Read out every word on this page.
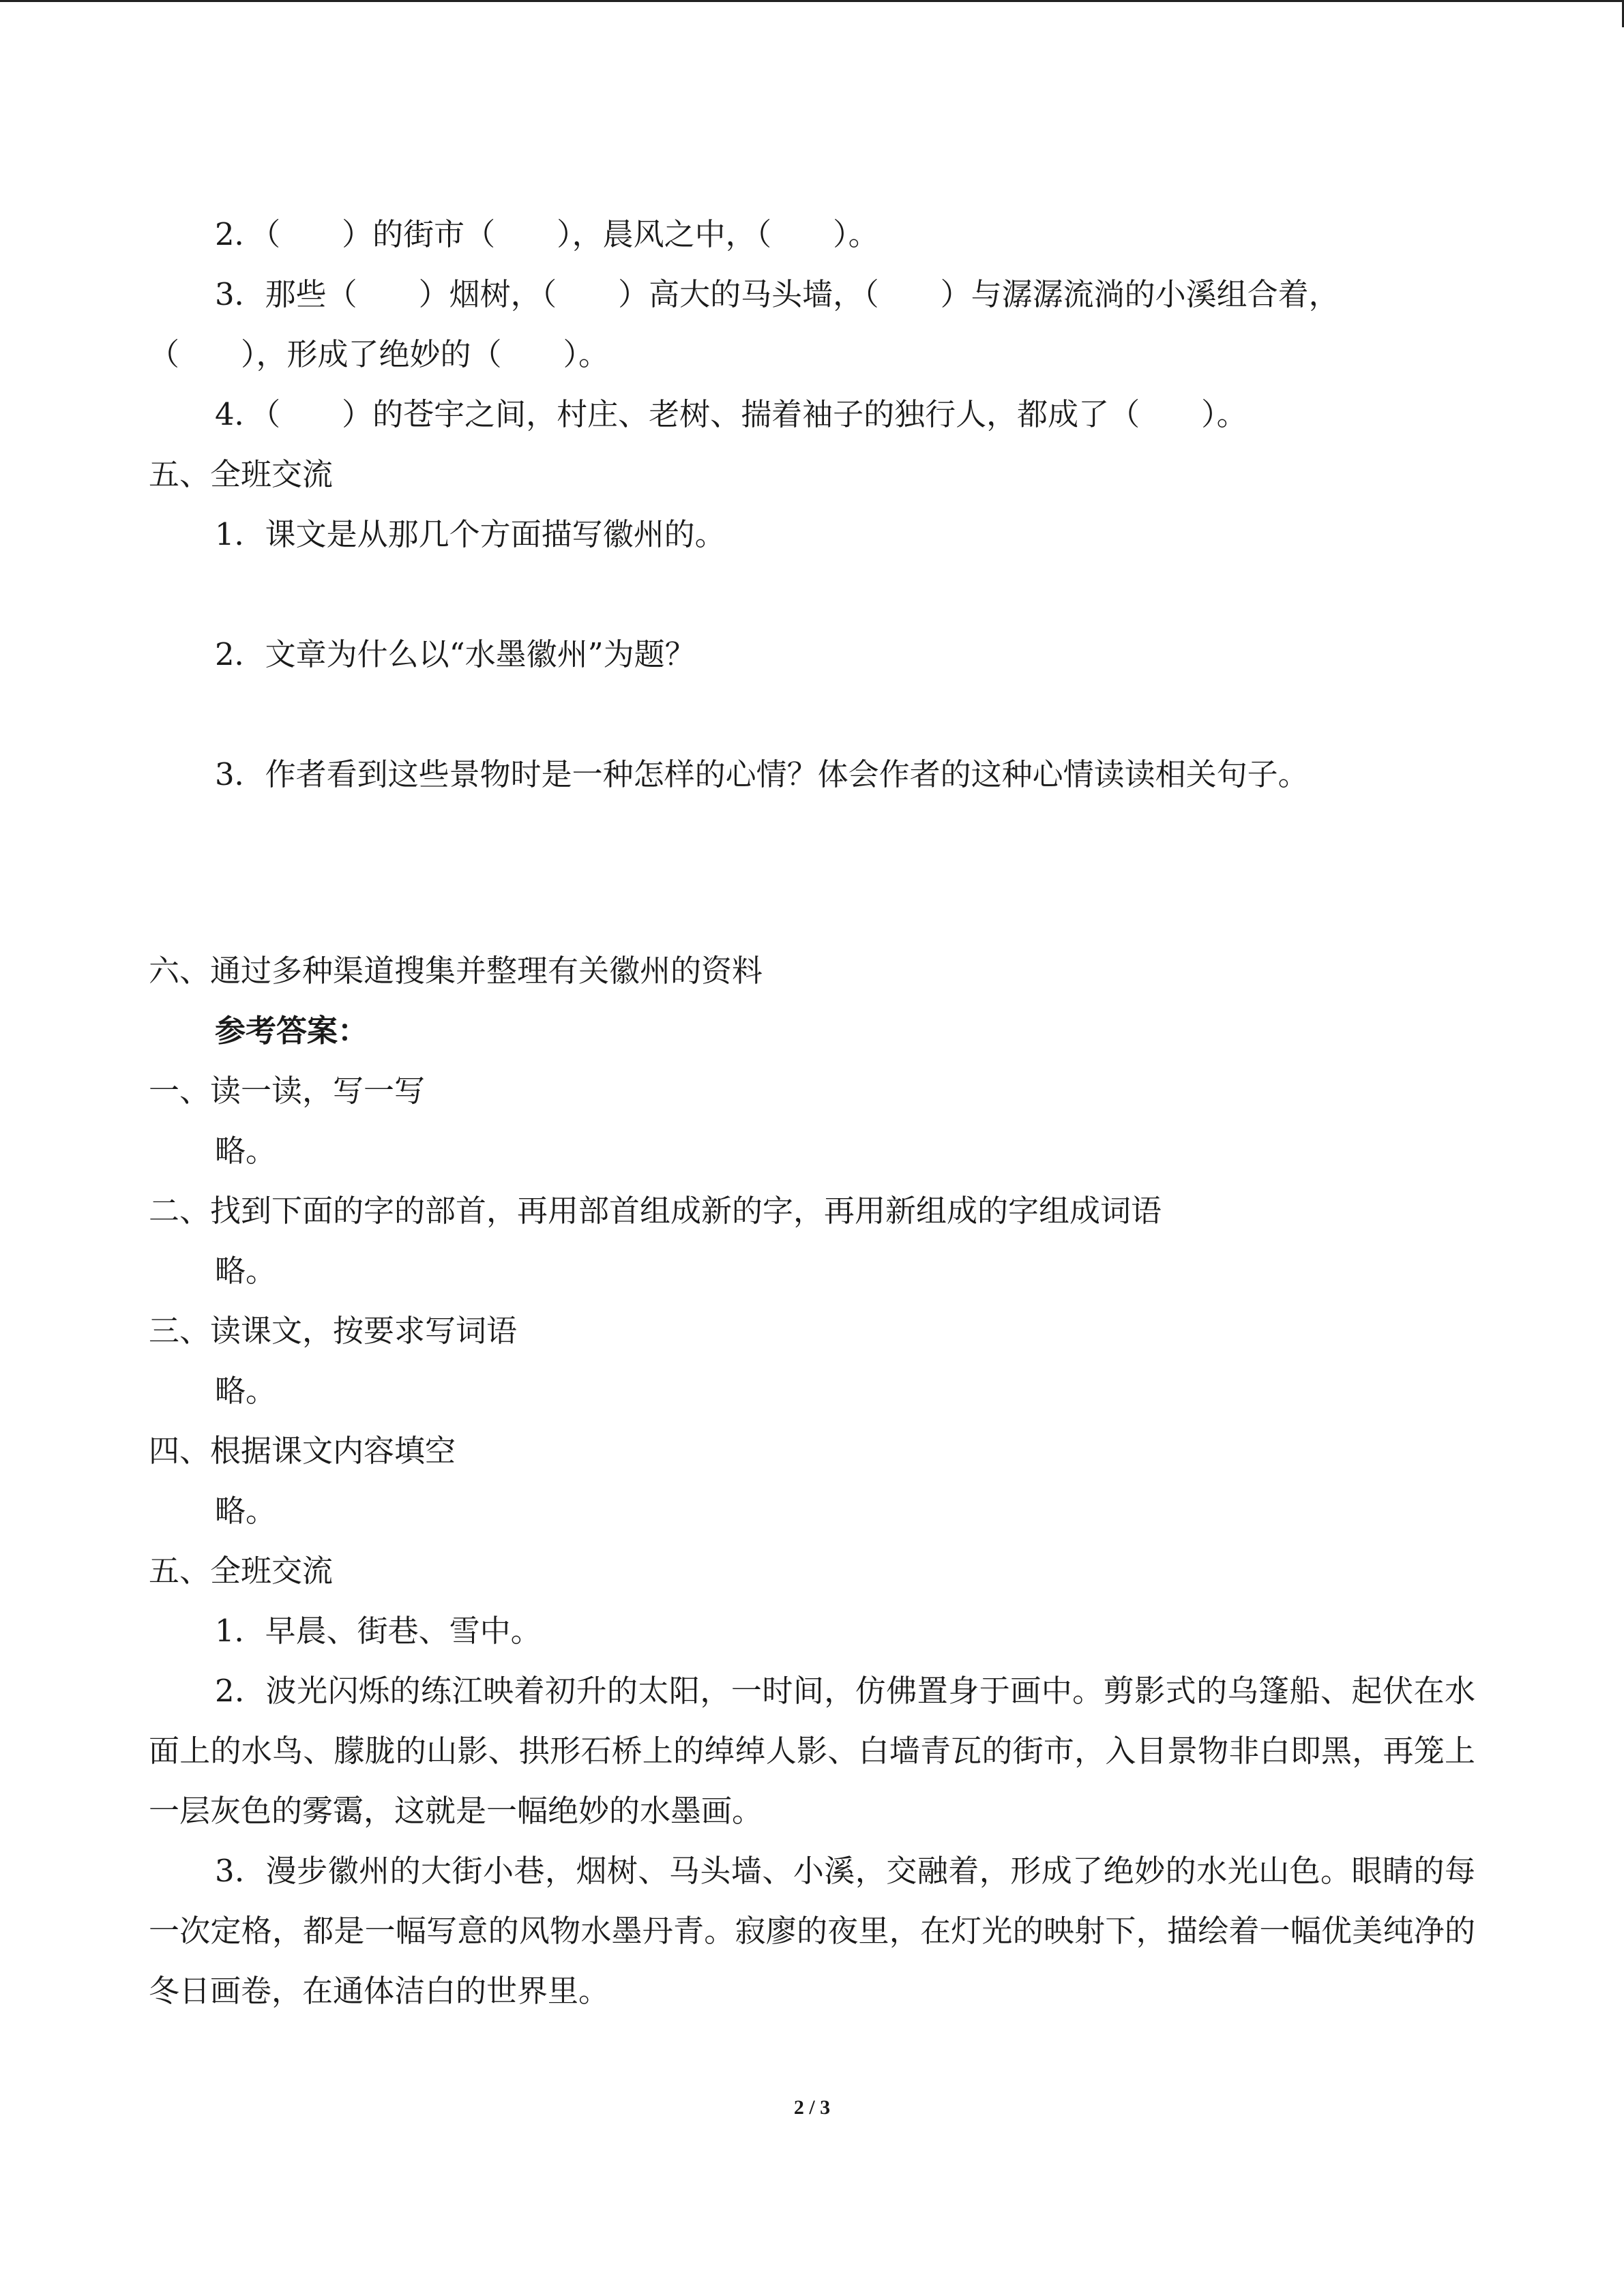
2．（　　）的街市（　　），晨风之中，（　　）。
3．那些（　　）烟树，（　　）高大的马头墙，（　　）与潺潺流淌的小溪组合着，
（　　），形成了绝妙的（　　）。
4．（　　）的苍宇之间，村庄、老树、揣着袖子的独行人，都成了（　　）。
五、全班交流
1．课文是从那几个方面描写徽州的。
2．文章为什么以“水墨徽州”为题？
3．作者看到这些景物时是一种怎样的心情？体会作者的这种心情读读相关句子。
六、通过多种渠道搜集并整理有关徽州的资料
参考答案：
一、读一读，写一写
略。
二、找到下面的字的部首，再用部首组成新的字，再用新组成的字组成词语
略。
三、读课文，按要求写词语
略。
四、根据课文内容填空
略。
五、全班交流
1．早晨、街巷、雪中。
2．波光闪烁的练江映着初升的太阳，一时间，仿佛置身于画中。剪影式的乌篷船、起伏在水面上的水鸟、朦胧的山影、拱形石桥上的绰绰人影、白墙青瓦的街市，入目景物非白即黑，再笼上一层灰色的雾霭，这就是一幅绝妙的水墨画。
3．漫步徽州的大街小巷，烟树、马头墙、小溪，交融着，形成了绝妙的水光山色。眼睛的每一次定格，都是一幅写意的风物水墨丹青。寂廖的夜里，在灯光的映射下，描绘着一幅优美纯净的冬日画卷，在通体洁白的世界里。
2 / 3
